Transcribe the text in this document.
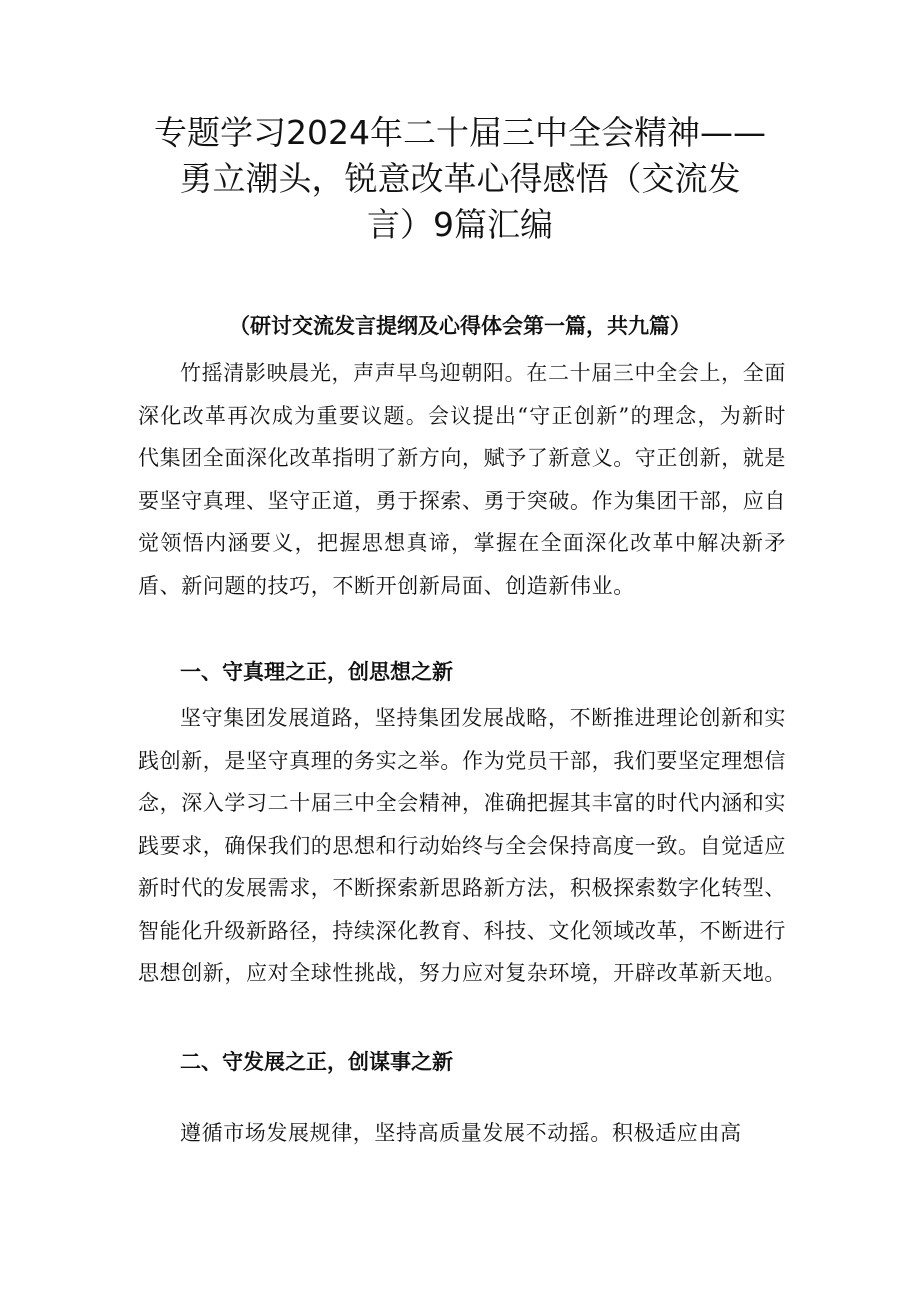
专题学习2024年二十届三中全会精神——
勇立潮头，锐意改革心得感悟（交流发
言）9篇汇编
（研讨交流发言提纲及心得体会第一篇，共九篇）
竹摇清影映晨光，声声早鸟迎朝阳。在二十届三中全会上，全面深化改革再次成为重要议题。会议提出“守正创新”的理念，为新时代集团全面深化改革指明了新方向，赋予了新意义。守正创新，就是要坚守真理、坚守正道，勇于探索、勇于突破。作为集团干部，应自觉领悟内涵要义，把握思想真谛，掌握在全面深化改革中解决新矛盾、新问题的技巧，不断开创新局面、创造新伟业。
一、守真理之正，创思想之新
坚守集团发展道路，坚持集团发展战略，不断推进理论创新和实践创新，是坚守真理的务实之举。作为党员干部，我们要坚定理想信念，深入学习二十届三中全会精神，准确把握其丰富的时代内涵和实践要求，确保我们的思想和行动始终与全会保持高度一致。自觉适应新时代的发展需求，不断探索新思路新方法，积极探索数字化转型、智能化升级新路径，持续深化教育、科技、文化领域改革，不断进行思想创新，应对全球性挑战，努力应对复杂环境，开辟改革新天地。
二、守发展之正，创谋事之新
遵循市场发展规律，坚持高质量发展不动摇。积极适应由高
